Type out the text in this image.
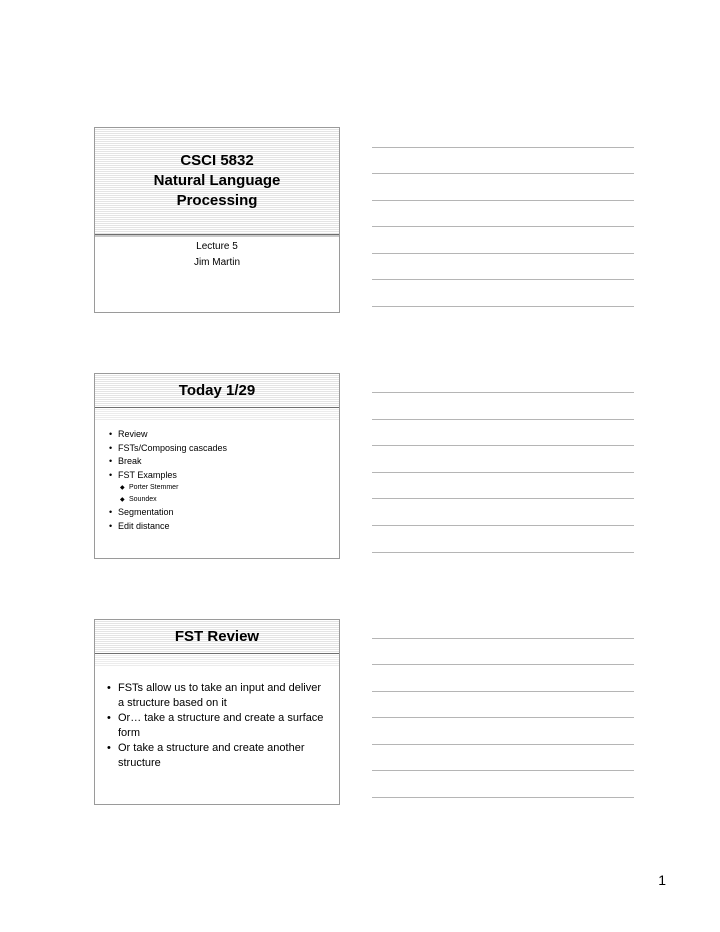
CSCI 5832
Natural Language
Processing
Lecture 5
Jim Martin
Today 1/29
• Review
• FSTs/Composing cascades
• Break
• FST Examples
◆ Porter Stemmer
◆ Soundex
• Segmentation
• Edit distance
FST Review
• FSTs allow us to take an input and deliver a structure based on it
• Or… take a structure and create a surface form
• Or take a structure and create another structure
1
